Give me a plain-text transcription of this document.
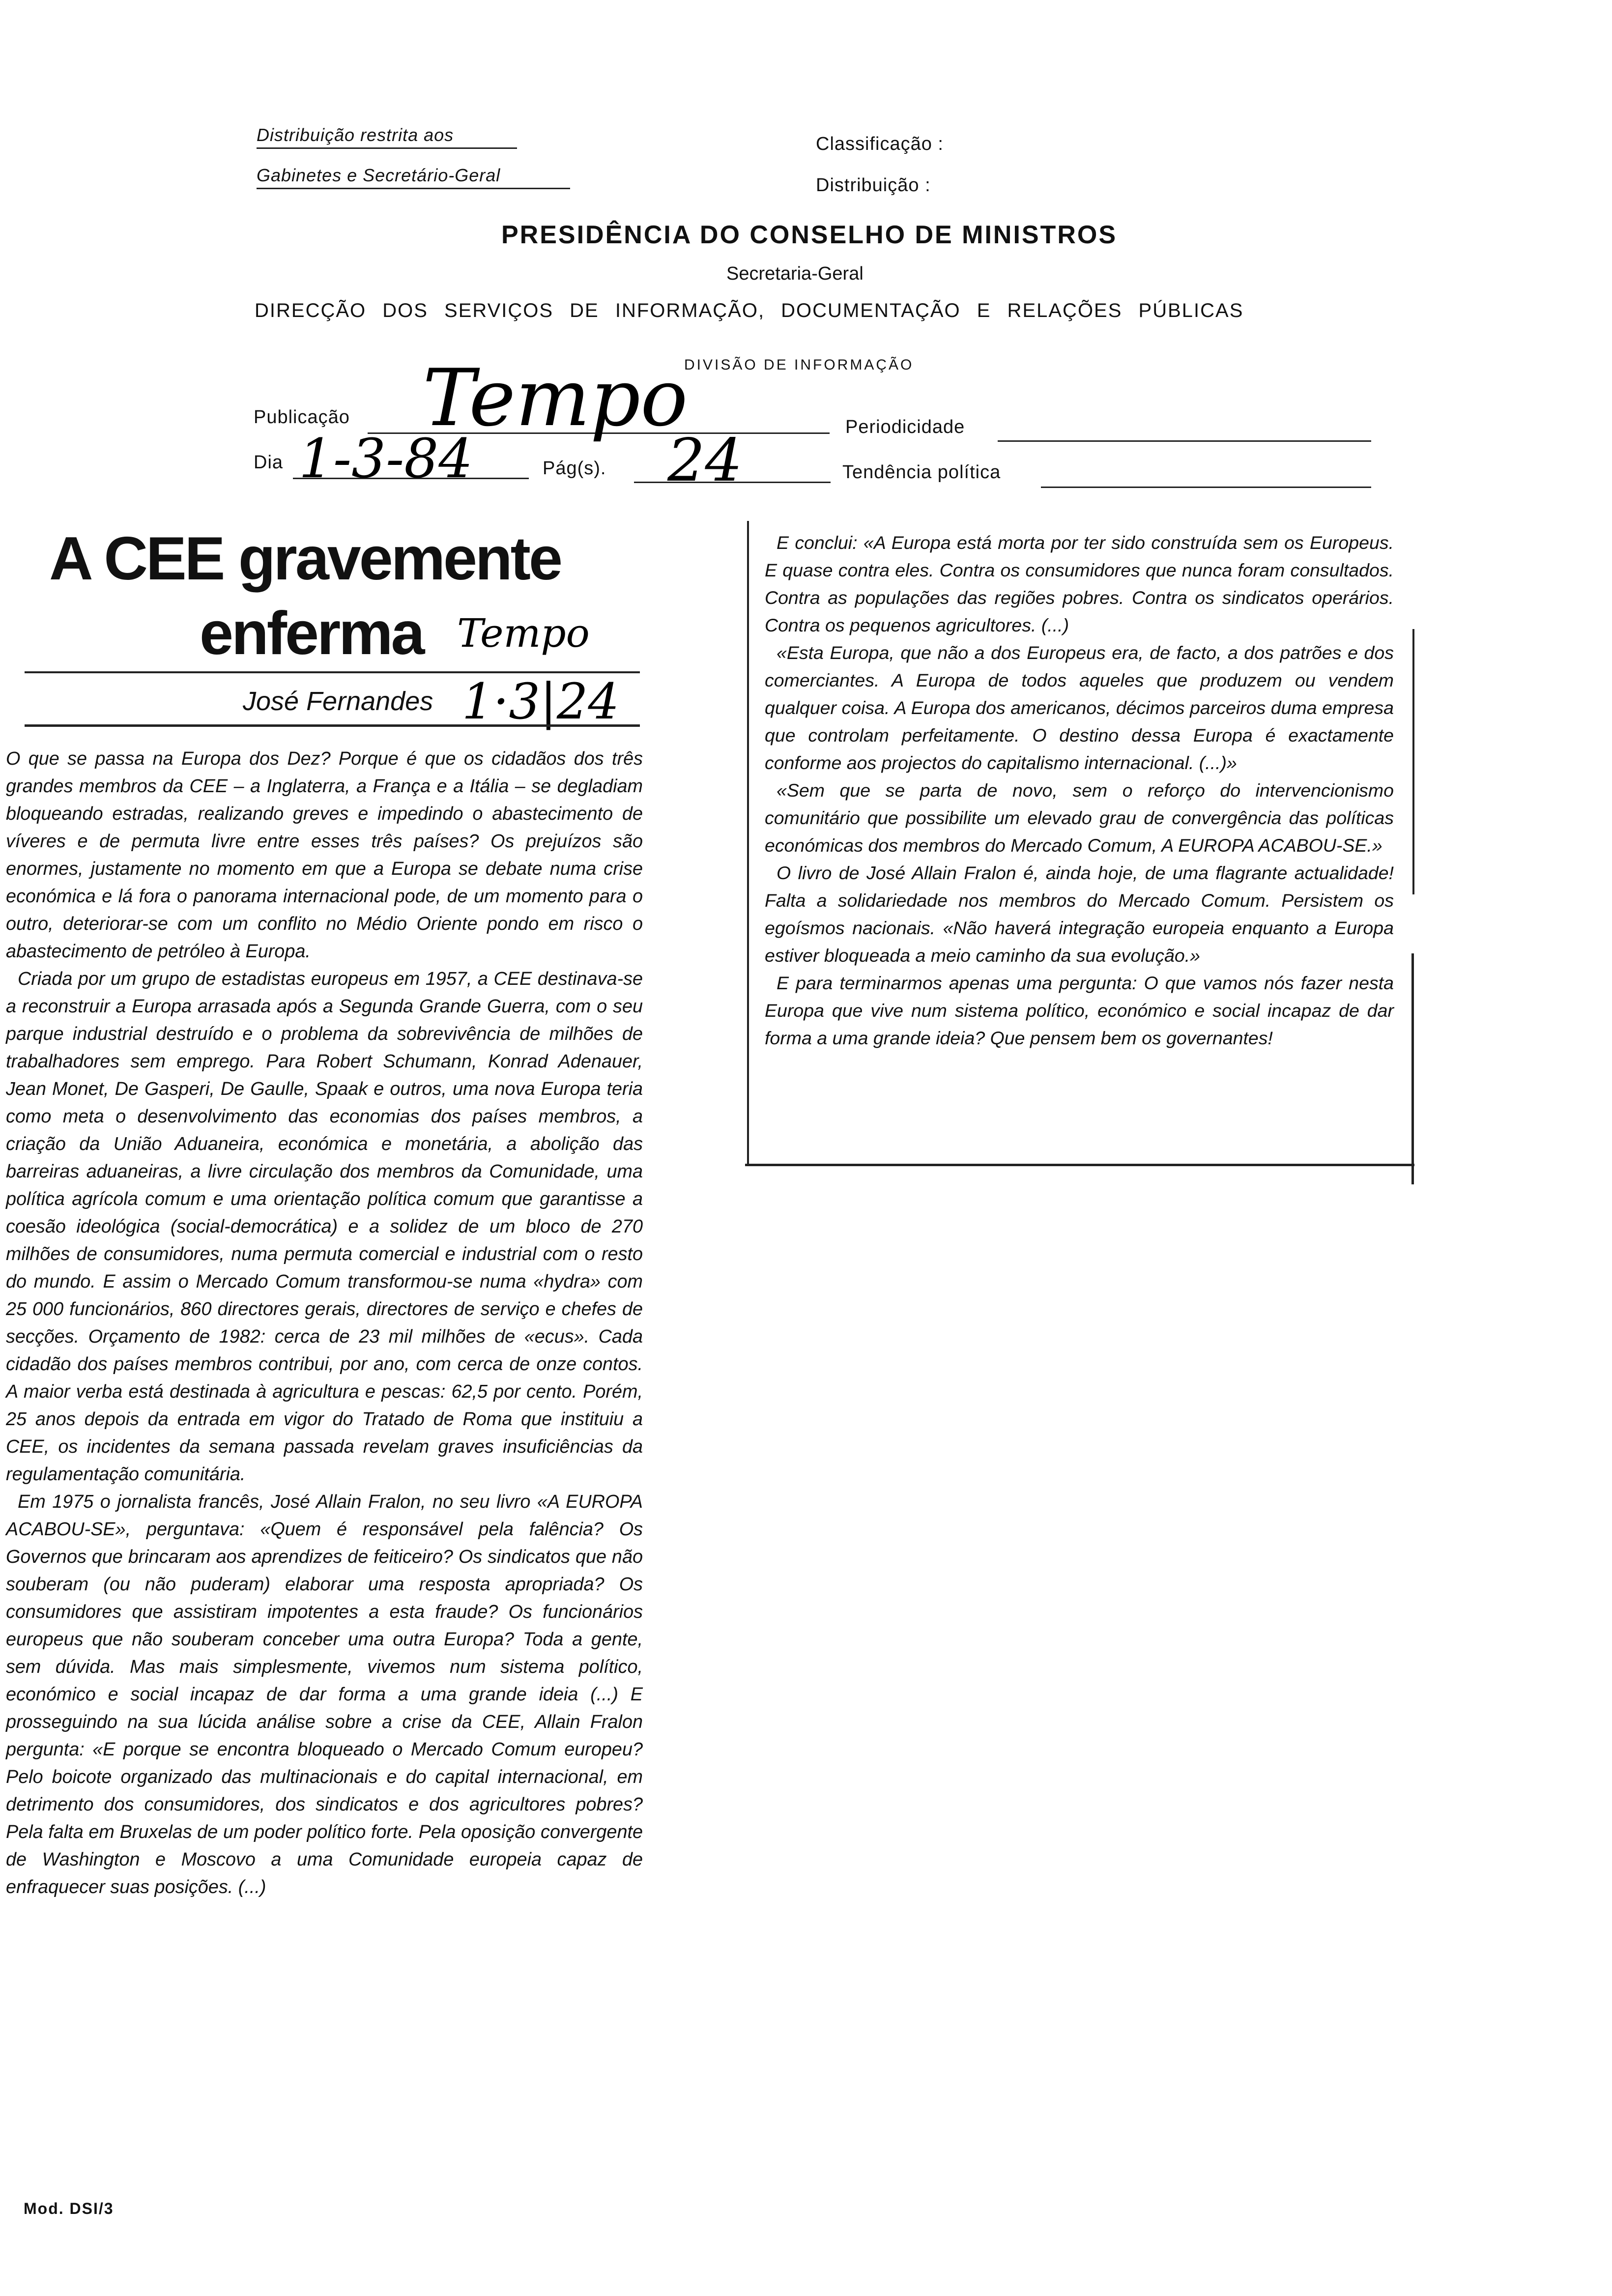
Distribuição restrita aos
Gabinetes e Secretário-Geral
Classificação :
Distribuição :
PRESIDÊNCIA DO CONSELHO DE MINISTROS
Secretaria-Geral
DIRECÇÃO DOS SERVIÇOS DE INFORMAÇÃO, DOCUMENTAÇÃO E RELAÇÕES PÚBLICAS
DIVISÃO DE INFORMAÇÃO
Publicação Tempo	Periodicidade
Dia 1-3-84	Pág(s). 24	Tendência política
A CEE gravemente
enferma Tempo
José Fernandes 1·3|24

O que se passa na Europa dos Dez? Porque é que os cidadãos dos três grandes membros da CEE – a Inglaterra, a França e a Itália – se degladiam bloqueando estradas, realizando greves e impedindo o abastecimento de víveres e de permuta livre entre esses três países? Os prejuízos são enormes, justamente no momento em que a Europa se debate numa crise económica e lá fora o panorama internacional pode, de um momento para o outro, deteriorar-se com um conflito no Médio Oriente pondo em risco o abastecimento de petróleo à Europa.

Criada por um grupo de estadistas europeus em 1957, a CEE destinava-se a reconstruir a Europa arrasada após a Segunda Grande Guerra, com o seu parque industrial destruído e o problema da sobrevivência de milhões de trabalhadores sem emprego. Para Robert Schumann, Konrad Adenauer, Jean Monet, De Gasperi, De Gaulle, Spaak e outros, uma nova Europa teria como meta o desenvolvimento das economias dos países membros, a criação da União Aduaneira, económica e monetária, a abolição das barreiras aduaneiras, a livre circulação dos membros da Comunidade, uma política agrícola comum e uma orientação política comum que garantisse a coesão ideológica (social-democrática) e a solidez de um bloco de 270 milhões de consumidores, numa permuta comercial e industrial com o resto do mundo. E assim o Mercado Comum transformou-se numa «hydra» com 25 000 funcionários, 860 directores gerais, directores de serviço e chefes de secções. Orçamento de 1982: cerca de 23 mil milhões de «ecus». Cada cidadão dos países membros contribui, por ano, com cerca de onze contos. A maior verba está destinada à agricultura e pescas: 62,5 por cento. Porém, 25 anos depois da entrada em vigor do Tratado de Roma que instituiu a CEE, os incidentes da semana passada revelam graves insuficiências da regulamentação comunitária.

Em 1975 o jornalista francês, José Allain Fralon, no seu livro «A EUROPA ACABOU-SE», perguntava: «Quem é responsável pela falência? Os Governos que brincaram aos aprendizes de feiticeiro? Os sindicatos que não souberam (ou não puderam) elaborar uma resposta apropriada? Os consumidores que assistiram impotentes a esta fraude? Os funcionários europeus que não souberam conceber uma outra Europa? Toda a gente, sem dúvida. Mas mais simplesmente, vivemos num sistema político, económico e social incapaz de dar forma a uma grande ideia (...) E prosseguindo na sua lúcida análise sobre a crise da CEE, Allain Fralon pergunta: «E porque se encontra bloqueado o Mercado Comum europeu? Pelo boicote organizado das multinacionais e do capital internacional, em detrimento dos consumidores, dos sindicatos e dos agricultores pobres? Pela falta em Bruxelas de um poder político forte. Pela oposição convergente de Washington e Moscovo a uma Comunidade europeia capaz de enfraquecer suas posições. (...)

E conclui: «A Europa está morta por ter sido construída sem os Europeus. E quase contra eles. Contra os consumidores que nunca foram consultados. Contra as populações das regiões pobres. Contra os sindicatos operários. Contra os pequenos agricultores. (...)

«Esta Europa, que não a dos Europeus era, de facto, a dos patrões e dos comerciantes. A Europa de todos aqueles que produzem ou vendem qualquer coisa. A Europa dos americanos, décimos parceiros duma empresa que controlam perfeitamente. O destino dessa Europa é exactamente conforme aos projectos do capitalismo internacional. (...)»

«Sem que se parta de novo, sem o reforço do intervencionismo comunitário que possibilite um elevado grau de convergência das políticas económicas dos membros do Mercado Comum, A EUROPA ACABOU-SE.»

O livro de José Allain Fralon é, ainda hoje, de uma flagrante actualidade! Falta a solidariedade nos membros do Mercado Comum. Persistem os egoísmos nacionais. «Não haverá integração europeia enquanto a Europa estiver bloqueada a meio caminho da sua evolução.»

E para terminarmos apenas uma pergunta: O que vamos nós fazer nesta Europa que vive num sistema político, económico e social incapaz de dar forma a uma grande ideia? Que pensem bem os governantes!

Mod. DSI/3
